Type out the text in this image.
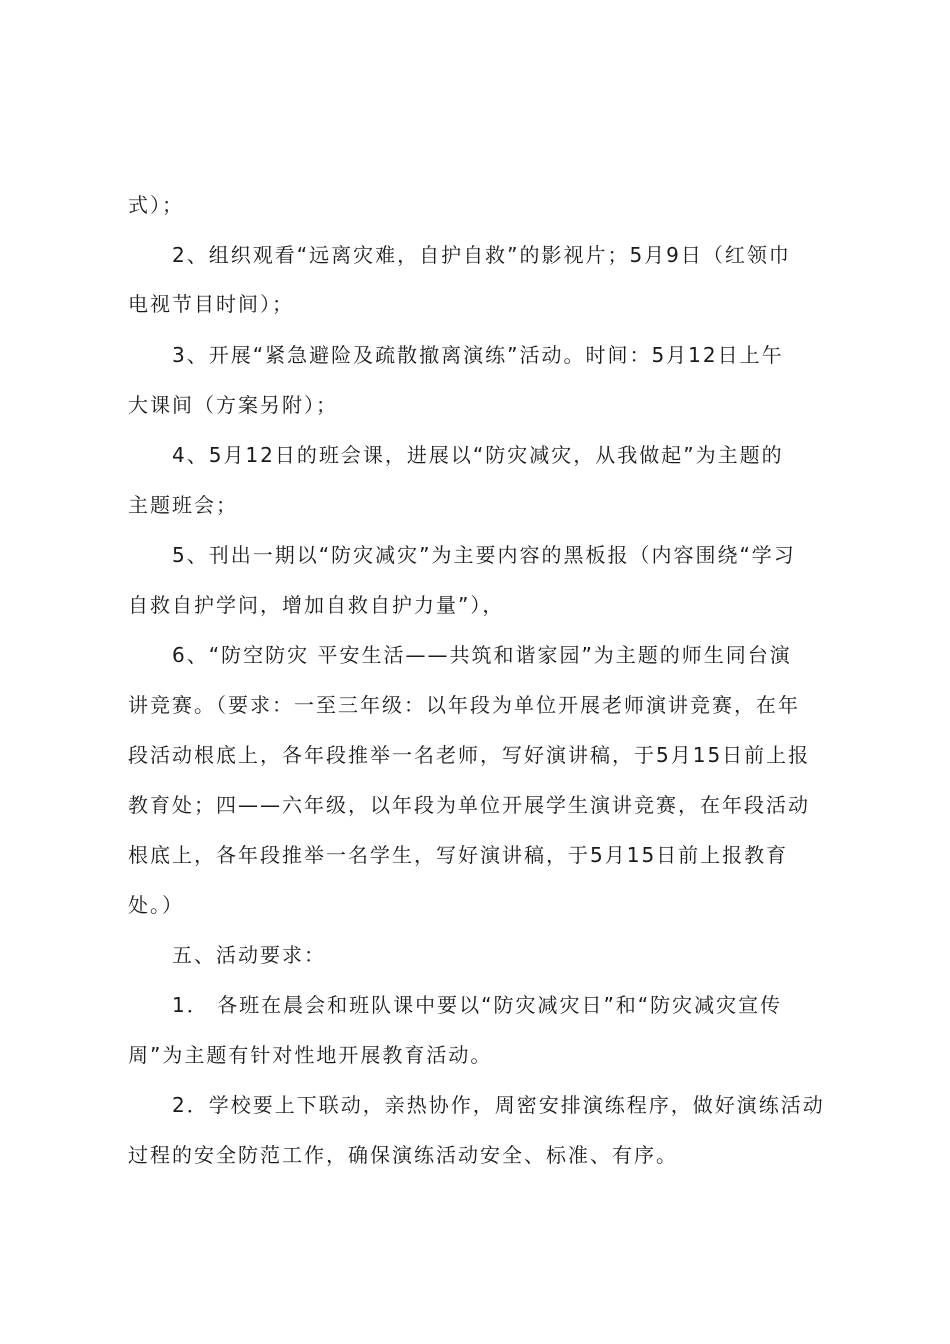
式）；
2、组织观看“远离灾难，自护自救”的影视片；5月9日（红领巾
电视节目时间）；
3、开展“紧急避险及疏散撤离演练”活动。时间：5月12日上午
大课间（方案另附）；
4、5月12日的班会课，进展以“防灾减灾，从我做起”为主题的
主题班会；
5、刊出一期以“防灾减灾”为主要内容的黑板报（内容围绕“学习
自救自护学问，增加自救自护力量”），
6、“防空防灾 平安生活——共筑和谐家园”为主题的师生同台演
讲竞赛。（要求：一至三年级：以年段为单位开展老师演讲竞赛，在年
段活动根底上，各年段推举一名老师，写好演讲稿，于5月15日前上报
教育处；四——六年级，以年段为单位开展学生演讲竞赛，在年段活动
根底上，各年段推举一名学生，写好演讲稿，于5月15日前上报教育
处。）
五、活动要求：
1． 各班在晨会和班队课中要以“防灾减灾日”和“防灾减灾宣传
周”为主题有针对性地开展教育活动。
2．学校要上下联动，亲热协作，周密安排演练程序，做好演练活动
过程的安全防范工作，确保演练活动安全、标准、有序。
